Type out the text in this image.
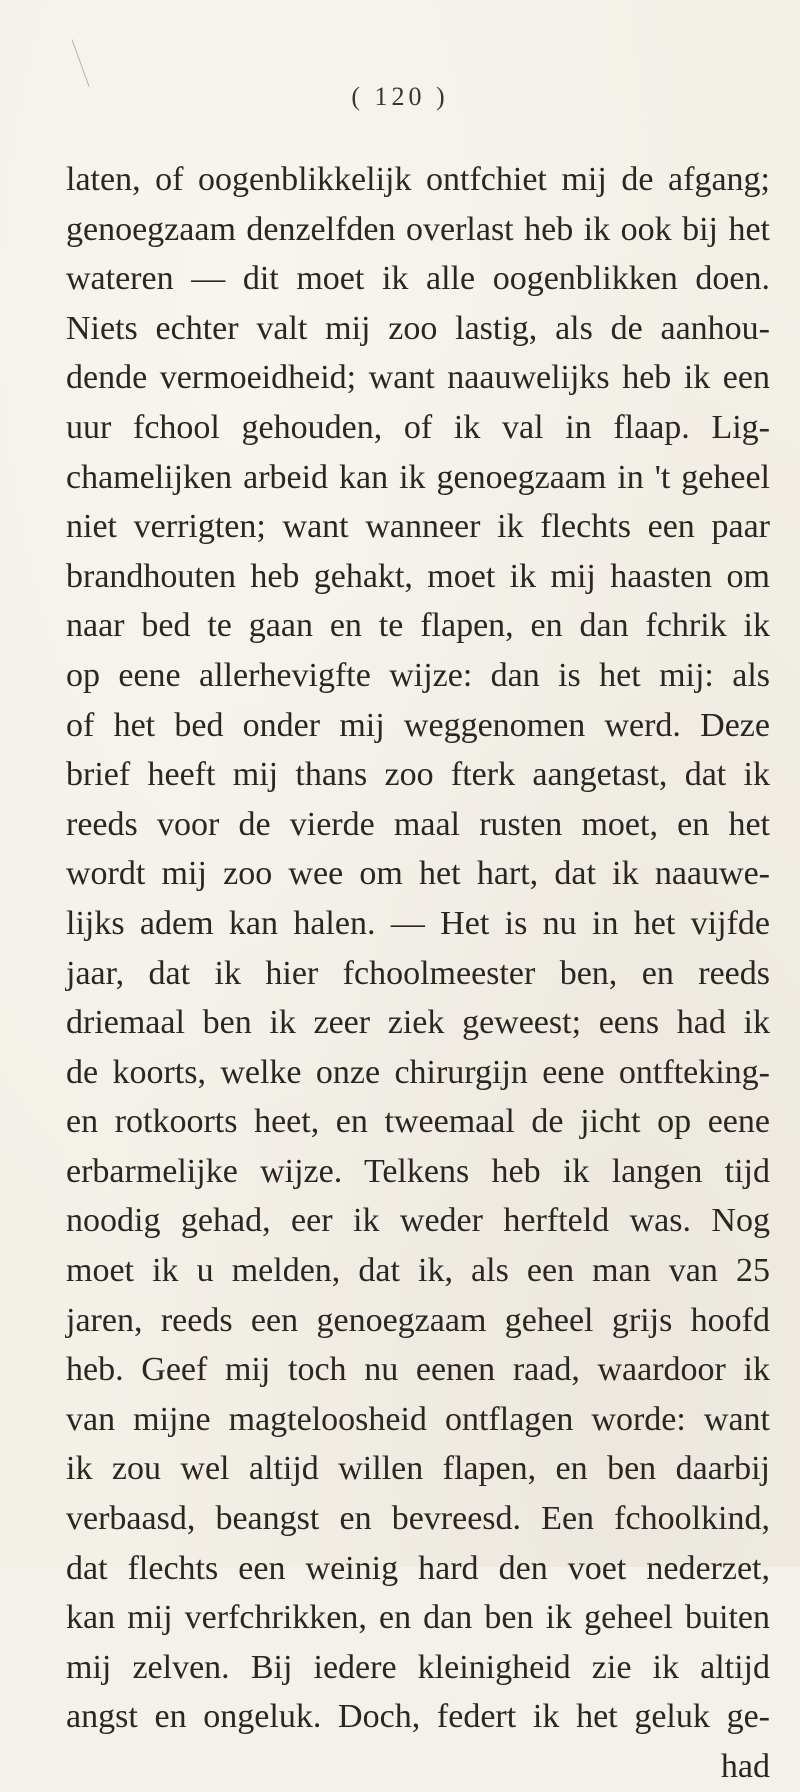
( 120 )
laten, of oogenblikkelijk ontfchiet mij de afgang;
genoegzaam denzelfden overlast heb ik ook bij het
wateren — dit moet ik alle oogenblikken doen.
Niets echter valt mij zoo lastig, als de aanhou-
dende vermoeidheid; want naauwelijks heb ik een
uur fchool gehouden, of ik val in flaap. Lig-
chamelijken arbeid kan ik genoegzaam in 't geheel
niet verrigten; want wanneer ik flechts een paar
brandhouten heb gehakt, moet ik mij haasten om
naar bed te gaan en te flapen, en dan fchrik ik
op eene allerhevigfte wijze: dan is het mij: als
of het bed onder mij weggenomen werd. Deze
brief heeft mij thans zoo fterk aangetast, dat ik
reeds voor de vierde maal rusten moet, en het
wordt mij zoo wee om het hart, dat ik naauwe-
lijks adem kan halen. — Het is nu in het vijfde
jaar, dat ik hier fchoolmeester ben, en reeds
driemaal ben ik zeer ziek geweest; eens had ik
de koorts, welke onze chirurgijn eene ontfteking-
en rotkoorts heet, en tweemaal de jicht op eene
erbarmelijke wijze. Telkens heb ik langen tijd
noodig gehad, eer ik weder herfteld was. Nog
moet ik u melden, dat ik, als een man van 25
jaren, reeds een genoegzaam geheel grijs hoofd
heb. Geef mij toch nu eenen raad, waardoor ik
van mijne magteloosheid ontflagen worde: want
ik zou wel altijd willen flapen, en ben daarbij
verbaasd, beangst en bevreesd. Een fchoolkind,
dat flechts een weinig hard den voet nederzet,
kan mij verfchrikken, en dan ben ik geheel buiten
mij zelven. Bij iedere kleinigheid zie ik altijd
angst en ongeluk. Doch, federt ik het geluk ge-
had
